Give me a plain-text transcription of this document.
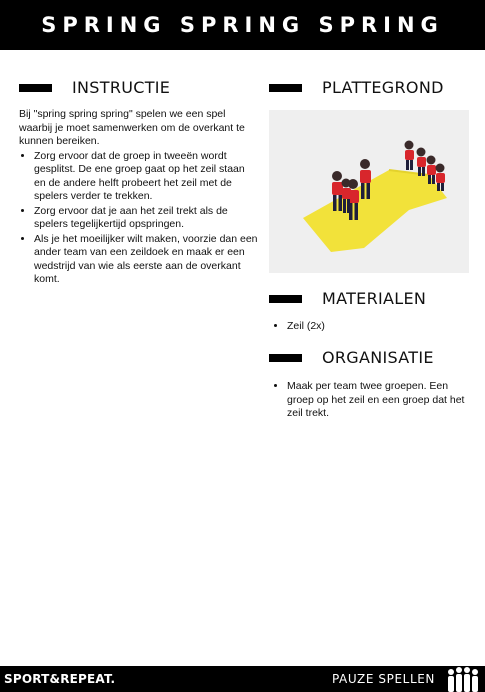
SPRING SPRING SPRING
INSTRUCTIE

Bij "spring spring spring" spelen we een spel waarbij je moet samenwerken om de overkant te kunnen bereiken.

• Zorg ervoor dat de groep in tweeën wordt gesplitst. De ene groep gaat op het zeil staan en de andere helft probeert het zeil met de spelers verder te trekken.
• Zorg ervoor dat je aan het zeil trekt als de spelers tegelijkertijd opspringen.
• Als je het moeilijker wilt maken, voorzie dan een ander team van een zeildoek en maak er een wedstrijd van wie als eerste aan de overkant komt.
PLATTEGROND
MATERIALEN
• Zeil (2x)
ORGANISATIE
• Maak per team twee groepen. Een groep op het zeil en een groep dat het zeil trekt.
SPORT&REPEAT.	PAUZE SPELLEN
